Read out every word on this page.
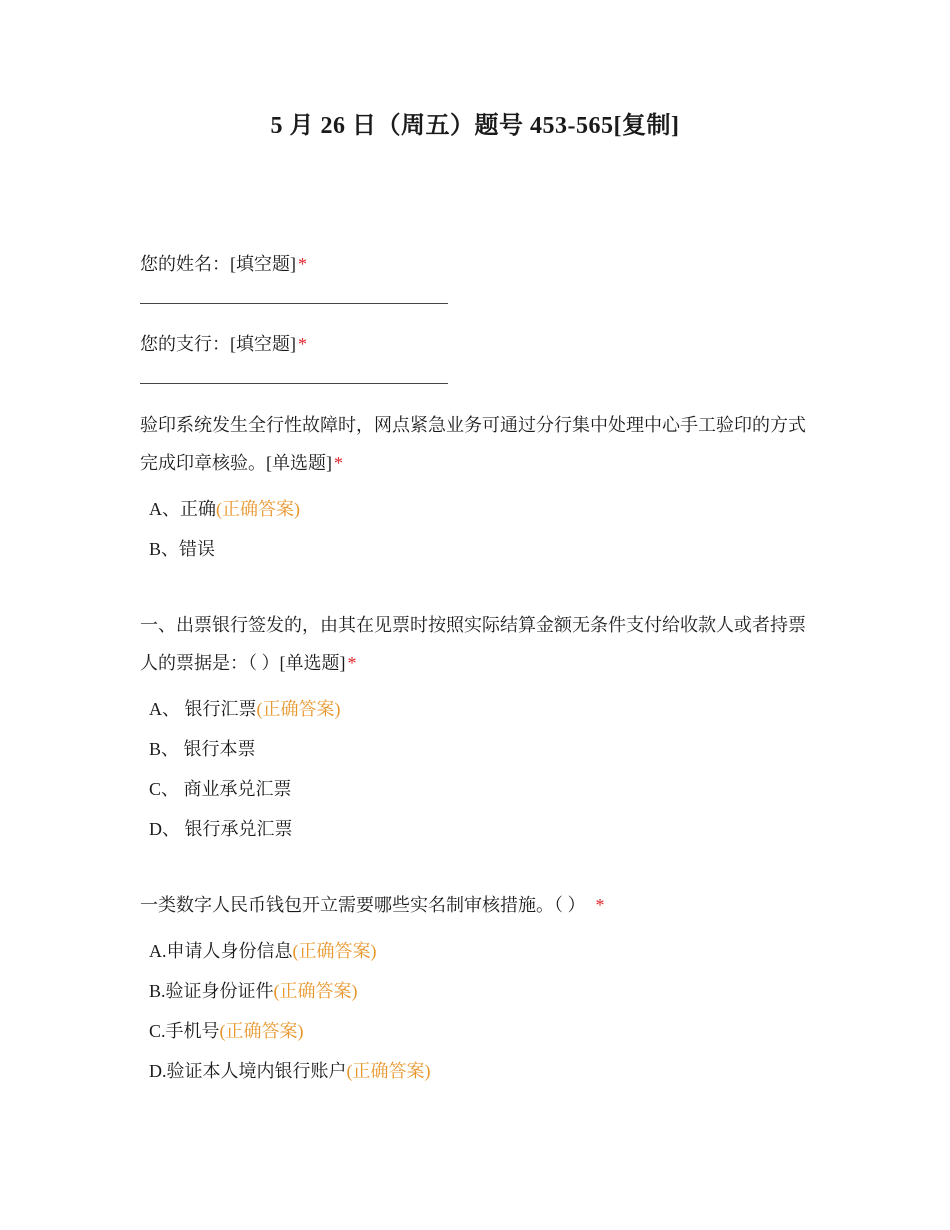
5 月 26 日（周五）题号 453-565[复制]
您的姓名：[填空题] *
您的支行：[填空题] *
验印系统发生全行性故障时，网点紧急业务可通过分行集中处理中心手工验印的方式完成印章核验。[单选题] *
A、正确(正确答案)
B、错误
一、出票银行签发的，由其在见票时按照实际结算金额无条件支付给收款人或者持票人的票据是：（ ）[单选题] *
A、 银行汇票(正确答案)
B、 银行本票
C、 商业承兑汇票
D、 银行承兑汇票
一类数字人民币钱包开立需要哪些实名制审核措施。（ ） *
A.申请人身份信息(正确答案)
B.验证身份证件(正确答案)
C.手机号(正确答案)
D.验证本人境内银行账户(正确答案)
